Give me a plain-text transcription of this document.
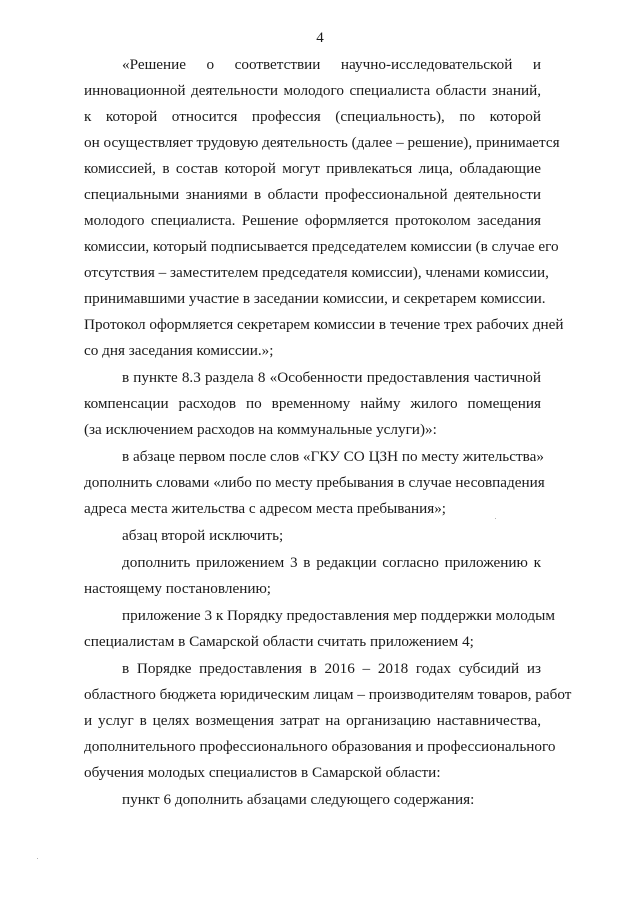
4
«Решение о соответствии научно-исследовательской и
инновационной деятельности молодого специалиста области знаний,
к которой относится профессия (специальность), по которой
он осуществляет трудовую деятельность (далее – решение), принимается
комиссией, в состав которой могут привлекаться лица, обладающие
специальными знаниями в области профессиональной деятельности
молодого специалиста. Решение оформляется протоколом заседания
комиссии, который подписывается председателем комиссии (в случае его
отсутствия – заместителем председателя комиссии), членами комиссии,
принимавшими участие в заседании комиссии, и секретарем комиссии.
Протокол оформляется секретарем комиссии в течение трех рабочих дней
со дня заседания комиссии.»;
в пункте 8.3 раздела 8 «Особенности предоставления частичной
компенсации расходов по временному найму жилого помещения
(за исключением расходов на коммунальные услуги)»:
в абзаце первом после слов «ГКУ СО ЦЗН по месту жительства»
дополнить словами «либо по месту пребывания в случае несовпадения
адреса места жительства с адресом места пребывания»;
абзац второй исключить;
дополнить приложением 3 в редакции согласно приложению к
настоящему постановлению;
приложение 3 к Порядку предоставления мер поддержки молодым
специалистам в Самарской области считать приложением 4;
в Порядке предоставления в 2016 – 2018 годах субсидий из
областного бюджета юридическим лицам – производителям товаров, работ
и услуг в целях возмещения затрат на организацию наставничества,
дополнительного профессионального образования и профессионального
обучения молодых специалистов в Самарской области:
пункт 6 дополнить абзацами следующего содержания:
